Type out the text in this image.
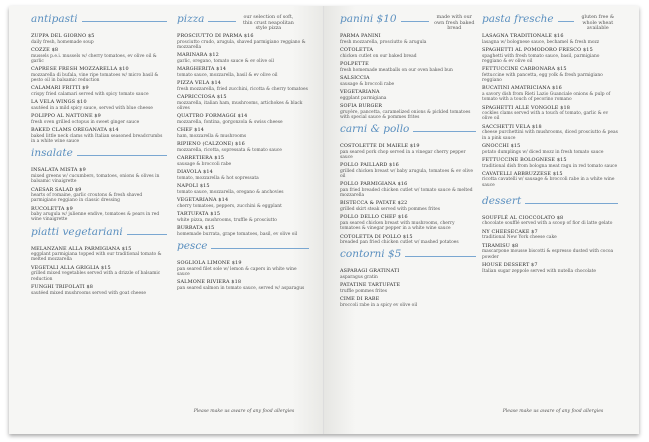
antipasti
ZUPPA DEL GIORNO $5
daily fresh, homemade soup
COZZE $8
mussels p.e.i. mussels w/ cherry tomatoes, ev olive oil & garlic
CAPRESE FRESH MOZZARELLA $10
mozzarella di bufala, vine ripe tomatoes w/ micro basil & pesto oil in balsamic reduction
CALAMARI FRITTI $9
crispy fried calamari served with spicy tomato sauce
LA VELA WINGS $10
sautéed in a mild spicy sauce, served with blue cheese
POLIPPO AL NATTONE $9
fresh oven grilled octopus in sweet ginger sauce
BAKED CLAMS OREGANATA $14
baked little neck clams with Italian seasoned breadcrumbs in a white wine sauce
insalate
INSALATA MISTA $9
mixed greens w/ cucumbers, tomatoes, onions & olives in balsamic vinaigrette
CAESAR SALAD $9
hearts of romaine, garlic croutons & fresh shaved parmigiano reggiano in classic dressing
RUCOLETTA $9
baby arugula w/ julienne endive, tomatoes & pears in red wine vinaigrette
piatti vegetariani
MELANZANE ALLA PARMIGIANA $15
eggplant parmigiana topped with our traditional tomato & melted mozzarella
VEGETALI ALLA GRIGLIA $15
grilled mixed vegetables served with a drizzle of balsamic reduction
FUNGHI TRIFOLATI $8
sautéed mixed mushrooms served with goat cheese
pizza	our selection of soft, thin crust neapolitan style pizza
PROSCIUTTO DI PARMA $16
prosciutto crudo, arugula, shaved parmigiano reggiano & mozzarella
MARINARA $12
garlic, oregano, tomato sauce & ev olive oil
MARGHERITA $14
tomato sauce, mozzarella, basil & ev olive oil
PIZZA VELA $14
fresh mozzarella, fried zucchini, ricotta & cherry tomatoes
CAPRICCIOSA $15
mozzarella, italian ham, mushrooms, artichokes & black olives
QUATTRO FORMAGGI $14
mozzarella, fontina, gorgonzola & swiss cheese
CHEF $14
ham, mozzarella & mushrooms
RIPIENO (CALZONE) $16
mozzarella, ricotta, sopressata & tomato sauce
CARRETIERA $15
sausage & broccoli rabe
DIAVOLA $14
tomato, mozzarella & hot sopressata
NAPOLI $15
tomato sauce, mozzarella, oregano & anchovies
VEGETARIANA $14
cherry tomatoes, peppers, zucchini & eggplant
TARTUFATA $15
white pizza, mushrooms, truffle & prosciutto
BURRATA $15
homemade burrata, grape tomatoes, basil, ev olive oil
pesce
SOGLIOLA LIMONE $19
pan seared filet sole w/ lemon & capers in white wine sauce
SALMONE RIVIERA $18
pan seared salmon in tomato sauce, served w/ asparagus
Please make us aware of any food allergies
panini $10	made with our own fresh baked bread
PARMA PANINI
fresh mozzarella, prosciutto & arugula
COTOLETTA
chicken cutlet on our baked bread
POLPETTE
fresh homemade meatballs on our oven baked bun
SALSICCIA
sausage & broccoli rabe
VEGETARIANA
eggplant parmigiana
SOFIA BURGER
gruyère, pancetta, caramelized onions & pickled tomatoes with special sauce & pommes frites
carni & pollo
COSTOLETTE DI MAIELE $19
pan seared pork chop served in a vinegar cherry pepper sauce
POLLO PAILLARD $16
grilled chicken breast w/ baby arugula, tomatoes & ev olive oil
POLLO PARMIGIANA $16
pan fried breaded chicken cutlet w/ tomato sauce & melted mozzarella
BISTECCA & PATATE $22
grilled skirt steak served with pommes frites
POLLO DELLO CHEF $16
pan seared chicken breast with mushrooms, cherry tomatoes & vinegar pepper in a white wine sauce
COTOLETTA DI POLLO $15
breaded pan fried chicken cutlet w/ mashed potatoes
contorni $5
ASPARAGI GRATINATI
asparagus gratin
PATATINE TARTUFATE
truffle pommes frites
CIME DI RABE
broccoli rabe in a spicy ev olive oil
pasta fresche	gluten free & whole wheat available
LASAGNA TRADITIONALE $16
lasagna w/ bolognese sauce, bechamel & fresh mozz
SPAGHETTI AL POMODORO FRESCO $15
spaghetti with fresh tomato sauce, basil, parmigiano reggiano & ev olive oil
FETTUCCINE CARBONARA $15
fettuccine with pancetta, egg yolk & fresh parmigiano reggiano
BUCATINI AMATRICIANA $16
a savory dish from Rieti Lazio Guanciale onions & pulp of tomato with a touch of pecorino romano
SPAGHETTI ALLE VONGOLE $18
cockles clams served with a touch of tomato, garlic & ev olive oil
SACCHETTI VELA $18
cheese purchettini with mushrooms, diced prosciutto & peas in a pink sauce
GNOCCHI $15
potato dumplings w/ diced mozz in fresh tomato sauce
FETTUCCINE BOLOGNESE $15
traditional dish from bologna meat ragu in red tomato sauce
CAVATELLI ABBRUZZESE $15
ricotta cavatelli w/ sausage & broccoli rabe in a white wine sauce
dessert
SOUFFLÉ AL CIOCCOLATO $8
chocolate soufflé served with a scoop of fior di latte gelato
NY CHEESECAKE $7
traditional New York cheese cake
TIRAMISU $8
mascarpone mousse biscotti & espresso dusted with cocoa powder
HOUSE DESSERT $7
Italian sugar zeppole served with nutella chocolate
Please make us aware of any food allergies
